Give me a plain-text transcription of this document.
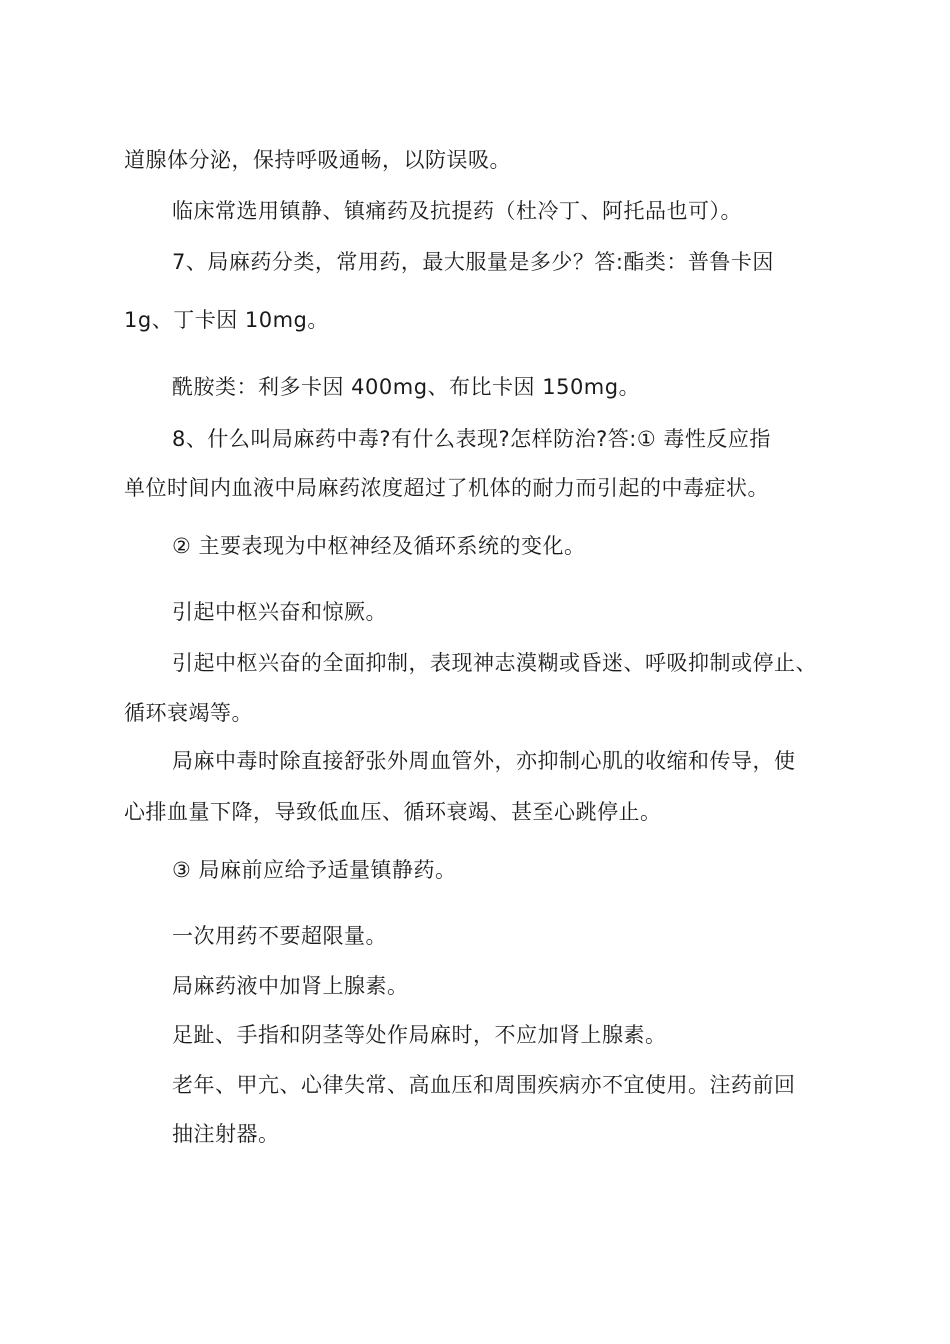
道腺体分泌，保持呼吸通畅，以防误吸。
临床常选用镇静、镇痛药及抗提药（杜冷丁、阿托品也可）。
7、局麻药分类，常用药，最大服量是多少？答:酯类：普鲁卡因
1g、丁卡因 10mg。
酰胺类：利多卡因 400mg、布比卡因 150mg。
8、什么叫局麻药中毒?有什么表现?怎样防治?答:① 毒性反应指
单位时间内血液中局麻药浓度超过了机体的耐力而引起的中毒症状。
② 主要表现为中枢神经及循环系统的变化。
引起中枢兴奋和惊厥。
引起中枢兴奋的全面抑制，表现神志漠糊或昏迷、呼吸抑制或停止、
循环衰竭等。
局麻中毒时除直接舒张外周血管外，亦抑制心肌的收缩和传导，使
心排血量下降，导致低血压、循环衰竭、甚至心跳停止。
③ 局麻前应给予适量镇静药。
一次用药不要超限量。
局麻药液中加肾上腺素。
足趾、手指和阴茎等处作局麻时，不应加肾上腺素。
老年、甲亢、心律失常、高血压和周围疾病亦不宜使用。注药前回
抽注射器。
